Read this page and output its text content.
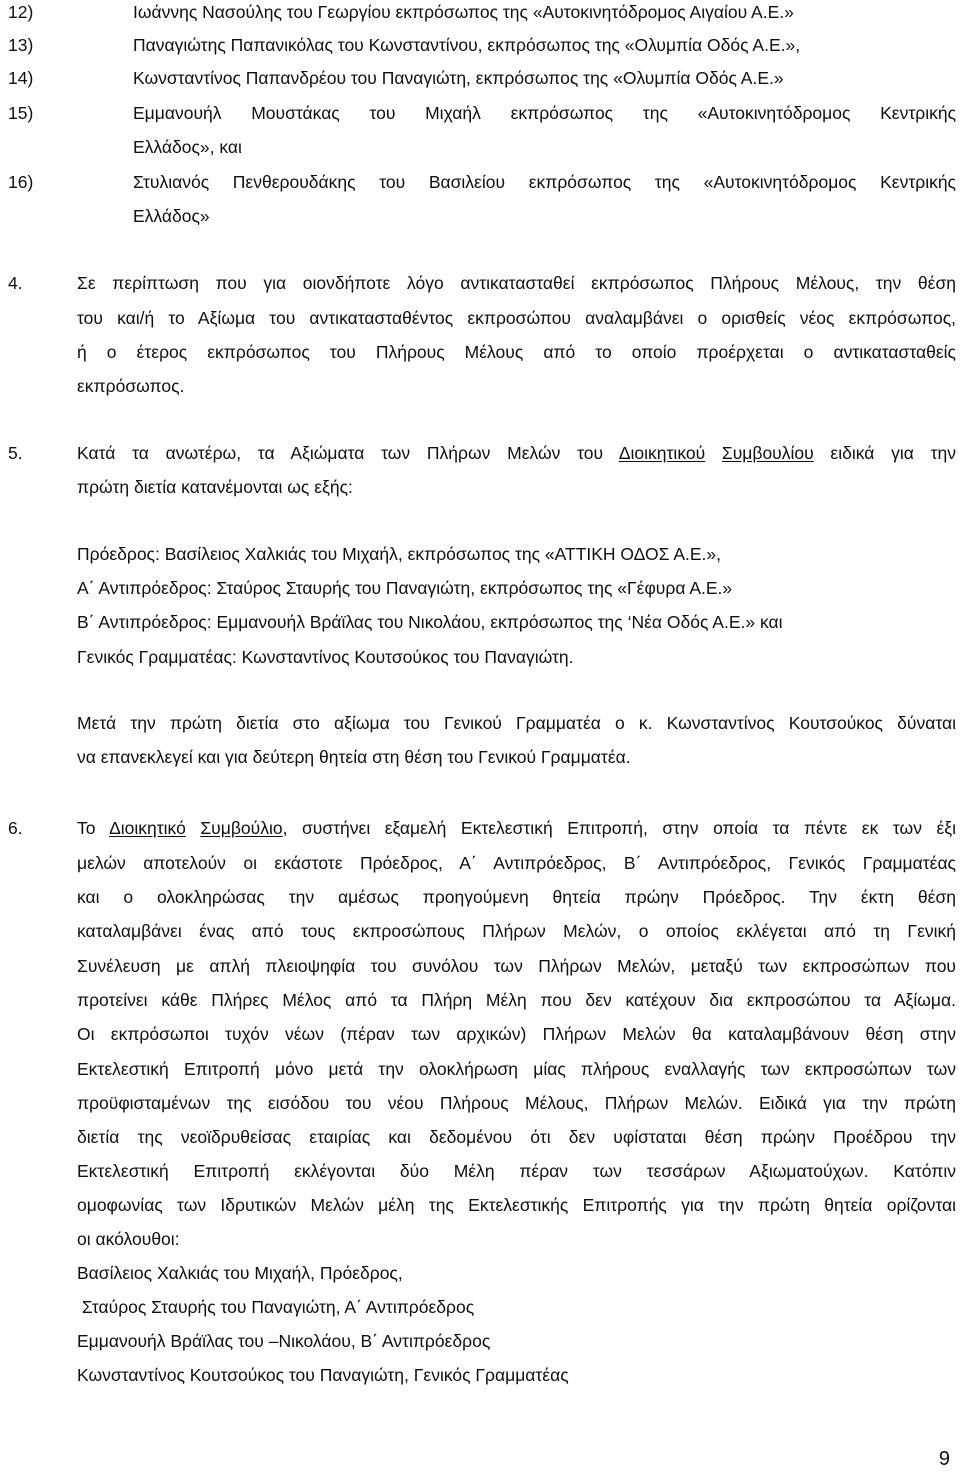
12)	Ιωάννης Νασούλης του Γεωργίου εκπρόσωπος της «Αυτοκινητόδρομος Αιγαίου Α.Ε.»
13)	Παναγιώτης Παπανικόλας του Κωνσταντίνου, εκπρόσωπος της «Ολυμπία Οδός Α.Ε.»,
14)	Κωνσταντίνος Παπανδρέου του Παναγιώτη, εκπρόσωπος της «Ολυμπία Οδός Α.Ε.»
15)	Εμμανουήλ Μουστάκας του Μιχαήλ εκπρόσωπος της «Αυτοκινητόδρομος Κεντρικής
Ελλάδος», και
16)	Στυλιανός Πενθερουδάκης του Βασιλείου εκπρόσωπος της «Αυτοκινητόδρομος Κεντρικής
Ελλάδος»
4.	Σε περίπτωση που για οιονδήποτε λόγο αντικατασταθεί εκπρόσωπος Πλήρους Μέλους, την θέση
του και/ή το Αξίωμα του αντικατασταθέντος εκπροσώπου αναλαμβάνει ο ορισθείς νέος εκπρόσωπος,
ή ο έτερος εκπρόσωπος του Πλήρους Μέλους από το οποίο προέρχεται ο αντικατασταθείς
εκπρόσωπος.
5.	Κατά τα ανωτέρω, τα Αξιώματα των Πλήρων Μελών του Διοικητικού Συμβουλίου ειδικά για την
πρώτη διετία κατανέμονται ως εξής:
Πρόεδρος: Βασίλειος Χαλκιάς του Μιχαήλ, εκπρόσωπος της «ΑΤΤΙΚΗ ΟΔΟΣ Α.Ε.»,
Α΄ Αντιπρόεδρος: Σταύρος Σταυρής του Παναγιώτη, εκπρόσωπος της «Γέφυρα Α.Ε.»
Β΄ Αντιπρόεδρος: Εμμανουήλ Βράϊλας του Νικολάου, εκπρόσωπος της ‘Νέα Οδός Α.Ε.» και
Γενικός Γραμματέας: Κωνσταντίνος Κουτσούκος του Παναγιώτη.
Μετά την πρώτη διετία στο αξίωμα του Γενικού Γραμματέα ο κ. Κωνσταντίνος Κουτσούκος δύναται
να επανεκλεγεί και για δεύτερη θητεία στη θέση του Γενικού Γραμματέα.
6.	Το Διοικητικό Συμβούλιο, συστήνει εξαμελή Εκτελεστική Επιτροπή, στην οποία τα πέντε εκ των έξι
μελών αποτελούν οι εκάστοτε Πρόεδρος, Α΄ Αντιπρόεδρος, Β΄ Αντιπρόεδρος, Γενικός Γραμματέας
και ο ολοκληρώσας την αμέσως προηγούμενη θητεία πρώην Πρόεδρος. Την έκτη θέση
καταλαμβάνει ένας από τους εκπροσώπους Πλήρων Μελών, ο οποίος εκλέγεται από τη Γενική
Συνέλευση με απλή πλειοψηφία του συνόλου των Πλήρων Μελών, μεταξύ των εκπροσώπων που
προτείνει κάθε Πλήρες Μέλος από τα Πλήρη Μέλη που δεν κατέχουν δια εκπροσώπου τα Αξίωμα.
Οι εκπρόσωποι τυχόν νέων (πέραν των αρχικών) Πλήρων Μελών θα καταλαμβάνουν θέση στην
Εκτελεστική Επιτροπή μόνο μετά την ολοκλήρωση μίας πλήρους εναλλαγής των εκπροσώπων των
προϋφισταμένων της εισόδου του νέου Πλήρους Μέλους, Πλήρων Μελών. Ειδικά για την πρώτη
διετία της νεοϊδρυθείσας εταιρίας και δεδομένου ότι δεν υφίσταται θέση πρώην Προέδρου την
Εκτελεστική Επιτροπή εκλέγονται δύο Μέλη πέραν των τεσσάρων Αξιωματούχων. Κατόπιν
ομοφωνίας των Ιδρυτικών Μελών μέλη της Εκτελεστικής Επιτροπής για την πρώτη θητεία ορίζονται
οι ακόλουθοι:
Βασίλειος Χαλκιάς του Μιχαήλ, Πρόεδρος,
Σταύρος Σταυρής του Παναγιώτη, Α΄ Αντιπρόεδρος
Εμμανουήλ Βράϊλας του –Νικολάου, Β΄ Αντιπρόεδρος
Κωνσταντίνος Κουτσούκος του Παναγιώτη, Γενικός Γραμματέας
9
